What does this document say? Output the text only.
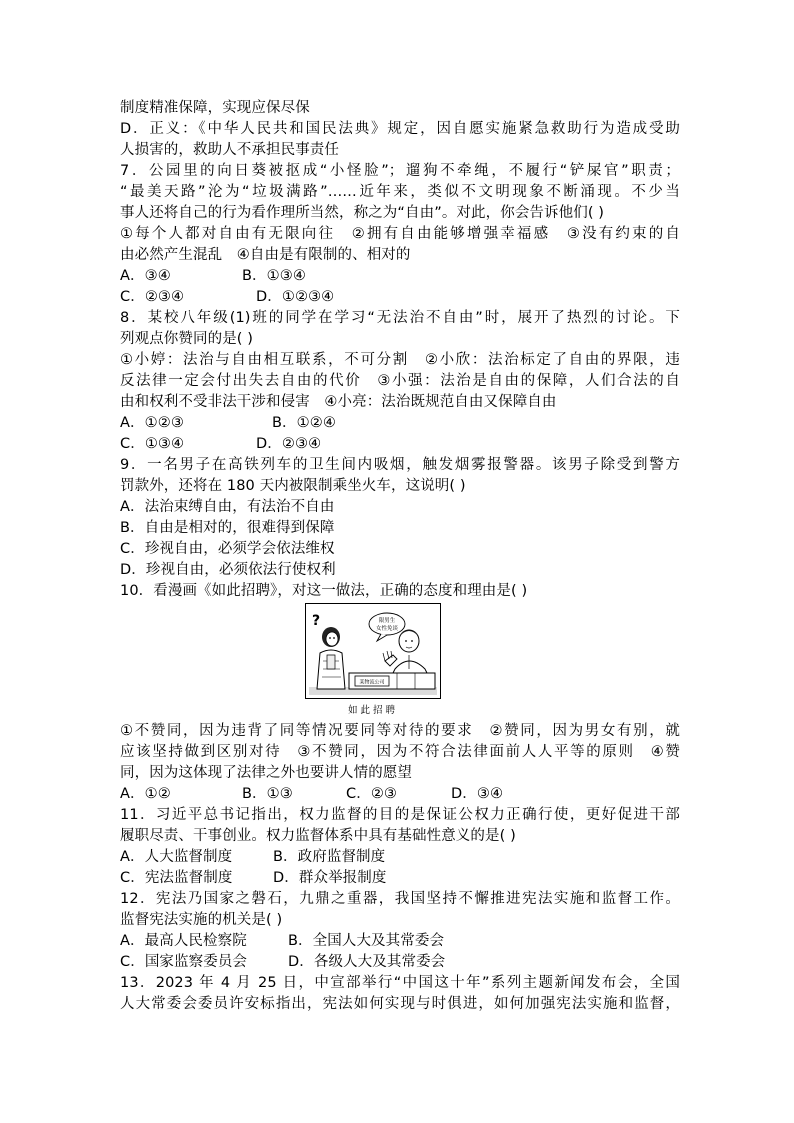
制度精准保障，实现应保尽保
D．正义：《中华人民共和国民法典》规定，因自愿实施紧急救助行为造成受助
人损害的，救助人不承担民事责任
7．公园里的向日葵被抠成“小怪脸”；遛狗不牵绳，不履行“铲屎官”职责；
“最美天路”沦为“垃圾满路”……近年来，类似不文明现象不断涌现。不少当
事人还将自己的行为看作理所当然，称之为“自由”。对此，你会告诉他们( )
①每个人都对自由有无限向往　②拥有自由能够增强幸福感　③没有约束的自
由必然产生混乱　④自由是有限制的、相对的
A．③④	B．①③④
C．②③④	D．①②③④
8．某校八年级(1)班的同学在学习“无法治不自由”时，展开了热烈的讨论。下
列观点你赞同的是( )
①小婷：法治与自由相互联系，不可分割　②小欣：法治标定了自由的界限，违
反法律一定会付出失去自由的代价　③小强：法治是自由的保障，人们合法的自
由和权利不受非法干涉和侵害　④小亮：法治既规范自由又保障自由
A．①②③	B．①②④
C．①③④	D．②③④
9．一名男子在高铁列车的卫生间内吸烟，触发烟雾报警器。该男子除受到警方
罚款外，还将在 180 天内被限制乘坐火车，这说明( )
A．法治束缚自由，有法治不自由
B．自由是相对的，很难得到保障
C．珍视自由，必须学会依法维权
D．珍视自由，必须依法行使权利
10．看漫画《如此招聘》，对这一做法，正确的态度和理由是( )
?	限男生
女性免谈
某物流公司
如此招聘
①不赞同，因为违背了同等情况要同等对待的要求　②赞同，因为男女有别，就
应该坚持做到区别对待　③不赞同，因为不符合法律面前人人平等的原则　④赞
同，因为这体现了法律之外也要讲人情的愿望
A．①②	B．①③	C．②③	D．③④
11．习近平总书记指出，权力监督的目的是保证公权力正确行使，更好促进干部
履职尽责、干事创业。权力监督体系中具有基础性意义的是( )
A．人大监督制度	B．政府监督制度
C．宪法监督制度	D．群众举报制度
12．宪法乃国家之磐石，九鼎之重器，我国坚持不懈推进宪法实施和监督工作。
监督宪法实施的机关是( )
A．最高人民检察院	B．全国人大及其常委会
C．国家监察委员会	D．各级人大及其常委会
13．2023 年 4 月 25 日，中宣部举行“中国这十年”系列主题新闻发布会，全国
人大常委会委员许安标指出，宪法如何实现与时俱进，如何加强宪法实施和监督，
